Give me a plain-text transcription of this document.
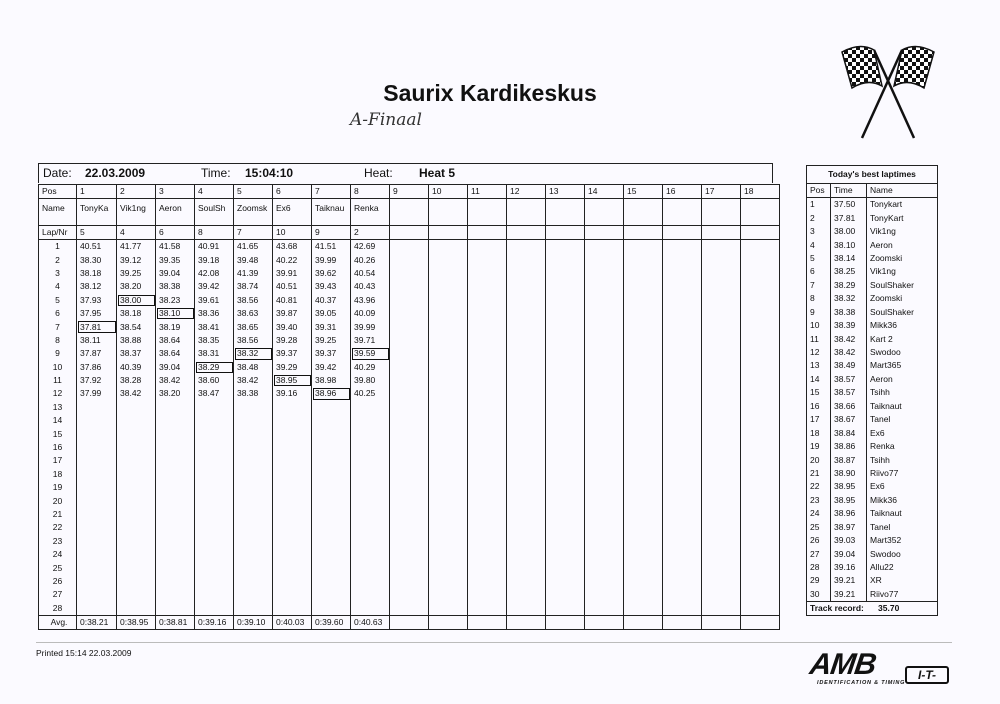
Saurix Kardikeskus
A-Finaal
Date: 22.03.2009	Time: 15:04:10	Heat: Heat 5
Pos	1	2	3	4	5	6	7	8	9	10	11	12	13	14	15	16	17	18
Name	TonyKa	Vik1ng	Aeron	SoulSh	Zoomsk	Ex6	Taiknau	Renka										
Lap/Nr	5	4	6	8	7	10	9	2										
1	40.51	41.77	41.58	40.91	41.65	43.68	41.51	42.69										
2	38.30	39.12	39.35	39.18	39.48	40.22	39.99	40.26										
3	38.18	39.25	39.04	42.08	41.39	39.91	39.62	40.54										
4	38.12	38.20	38.38	39.42	38.74	40.51	39.43	40.43										
5	37.93	38.00	38.23	39.61	38.56	40.81	40.37	43.96										
6	37.95	38.18	38.10	38.36	38.63	39.87	39.05	40.09										
7	37.81	38.54	38.19	38.41	38.65	39.40	39.31	39.99										
8	38.11	38.88	38.64	38.35	38.56	39.28	39.25	39.71										
9	37.87	38.37	38.64	38.31	38.32	39.37	39.37	39.59										
10	37.86	40.39	39.04	38.29	38.48	39.29	39.42	40.29										
11	37.92	38.28	38.42	38.60	38.42	38.95	38.98	39.80										
12	37.99	38.42	38.20	38.47	38.38	39.16	38.96	40.25										
13																		
14																		
15																		
16																		
17																		
18																		
19																		
20																		
21																		
22																		
23																		
24																		
25																		
26																		
27																		
28																		
Avg.	0:38.21	0:38.95	0:38.81	0:39.16	0:39.10	0:40.03	0:39.60	0:40.63										
Today's best laptimes
Pos	Time	Name
1	37.50	Tonykart
2	37.81	TonyKart
3	38.00	Vik1ng
4	38.10	Aeron
5	38.14	Zoomski
6	38.25	Vik1ng
7	38.29	SoulShaker
8	38.32	Zoomski
9	38.38	SoulShaker
10	38.39	Mikk36
11	38.42	Kart 2
12	38.42	Swodoo
13	38.49	Mart365
14	38.57	Aeron
15	38.57	Tsihh
16	38.66	Taiknaut
17	38.67	Tanel
18	38.84	Ex6
19	38.86	Renka
20	38.87	Tsihh
21	38.90	Riivo77
22	38.95	Ex6
23	38.95	Mikk36
24	38.96	Taiknaut
25	38.97	Tanel
26	39.03	Mart352
27	39.04	Swodoo
28	39.16	Allu22
29	39.21	XR
30	39.21	Riivo77
Track record: 35.70
Printed 15:14 22.03.2009	AMB	I-T-
IDENTIFICATION & TIMING
